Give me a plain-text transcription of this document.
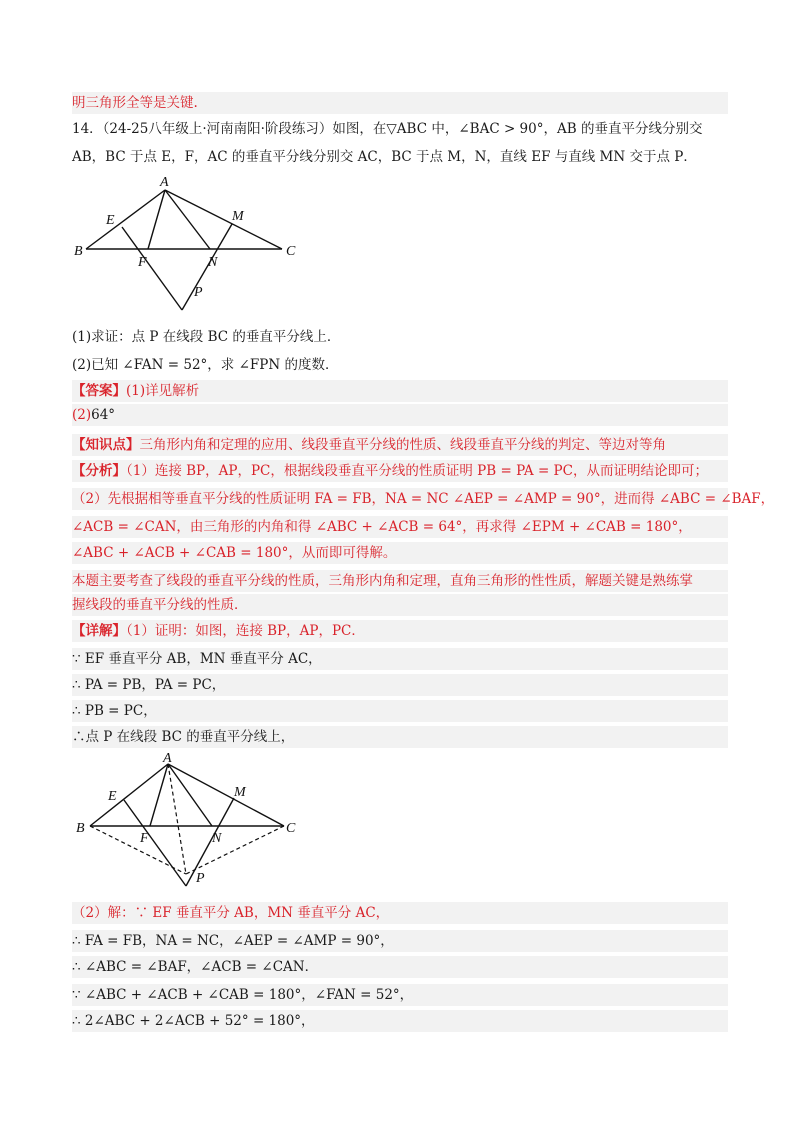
明三角形全等是关键.
14．（24-25八年级上·河南南阳·阶段练习）如图，在▽ABC 中，∠BAC > 90°，AB 的垂直平分线分别交
AB，BC 于点 E，F，AC 的垂直平分线分别交 AC，BC 于点 M，N，直线 EF 与直线 MN 交于点 P．
A
E	M
B
F	N
C
P
(1)求证：点 P 在线段 BC 的垂直平分线上．
(2)已知 ∠FAN = 52°，求 ∠FPN 的度数．
【答案】(1)详见解析
(2)64°
【知识点】三角形内角和定理的应用、线段垂直平分线的性质、线段垂直平分线的判定、等边对等角
【分析】（1）连接 BP，AP，PC，根据线段垂直平分线的性质证明 PB = PA = PC，从而证明结论即可；
（2）先根据相等垂直平分线的性质证明 FA = FB，NA = NC ∠AEP = ∠AMP = 90°，进而得 ∠ABC = ∠BAF，
∠ACB = ∠CAN，由三角形的内角和得 ∠ABC + ∠ACB = 64°，再求得 ∠EPM + ∠CAB = 180°，
∠ABC + ∠ACB + ∠CAB = 180°，从而即可得解。
本题主要考查了线段的垂直平分线的性质，三角形内角和定理，直角三角形的性性质，解题关键是熟练掌
握线段的垂直平分线的性质．
【详解】（1）证明：如图，连接 BP，AP，PC．
∵ EF 垂直平分 AB，MN 垂直平分 AC，
∴ PA = PB，PA = PC，
∴ PB = PC，
∴点 P 在线段 BC 的垂直平分线上，
A
E	M
B
F	N
C
P
（2）解：∵ EF 垂直平分 AB，MN 垂直平分 AC，
∴ FA = FB，NA = NC，∠AEP = ∠AMP = 90°，
∴ ∠ABC = ∠BAF，∠ACB = ∠CAN．
∵ ∠ABC + ∠ACB + ∠CAB = 180°，∠FAN = 52°，
∴ 2∠ABC + 2∠ACB + 52° = 180°，
